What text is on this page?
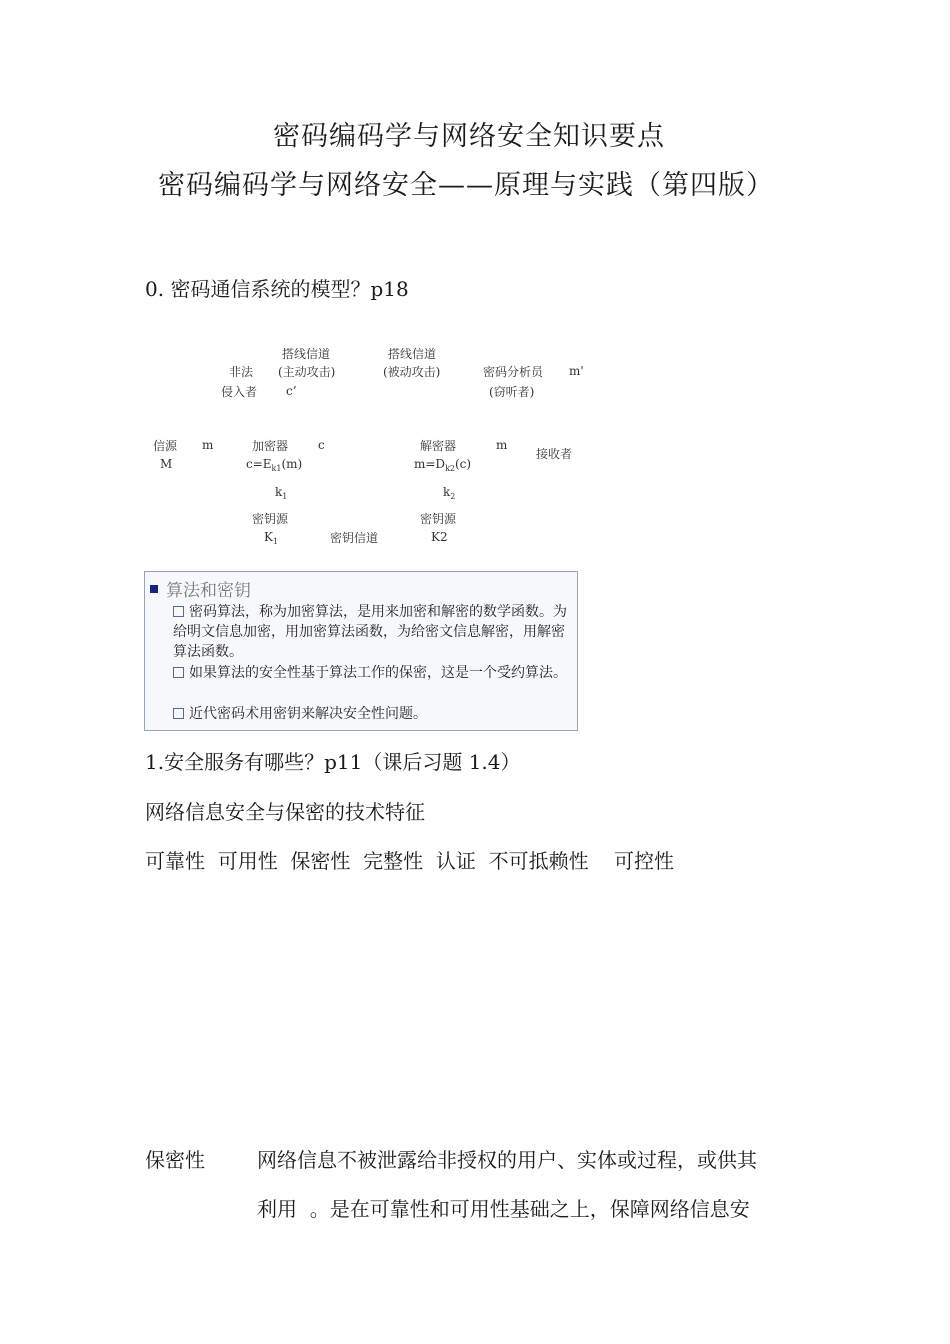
密码编码学与网络安全知识要点
密码编码学与网络安全——原理与实践（第四版）
0. 密码通信系统的模型？p18
搭线信道
(主动攻击)
搭线信道
(被动攻击)
非法
侵入者 c’
密码分析员
(窃听者)
m'
信源
M
m	加密器
$c=E_{k1}(m)$
c	解密器
$m=D_{k2}(c)$
m
接收者
$k_1$	$k_2$
密钥源
$K_1$	密钥信道
密钥源
K2
算法和密钥
密码算法，称为加密算法，是用来加密和解密的数学函数。为给明文信息加密，用加密算法函数，为给密文信息解密，用解密算法函数。
如果算法的安全性基于算法工作的保密，这是一个受约算法。
近代密码术用密钥来解决安全性问题。
1.安全服务有哪些？p11（课后习题 1.4）
网络信息安全与保密的技术特征
可靠性  可用性  保密性  完整性  认证  不可抵赖性    可控性
保密性	网络信息不被泄露给非授权的用户、实体或过程，或供其
利用  。是在可靠性和可用性基础之上，保障网络信息安
